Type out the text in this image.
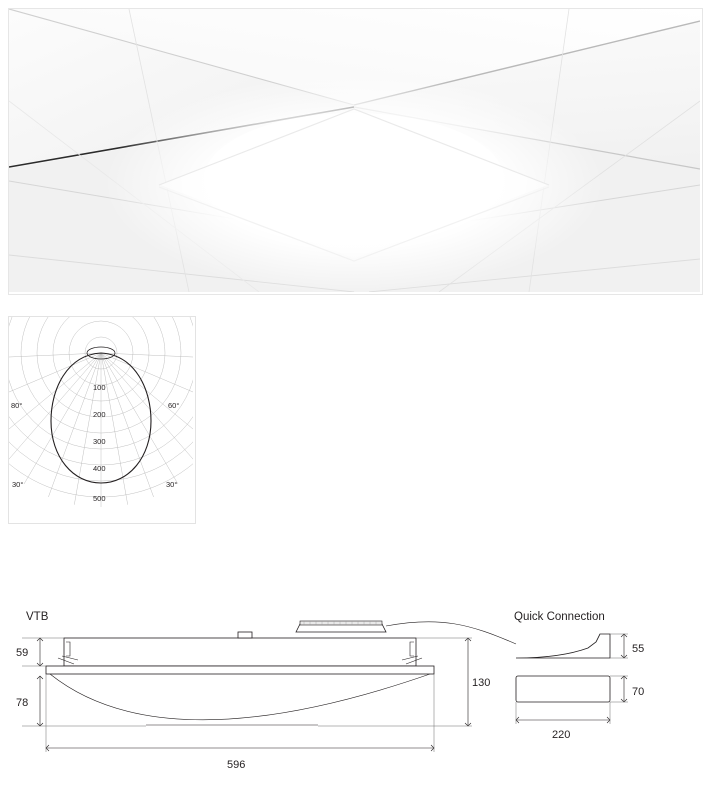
100
200
300
400
500
80°	60°
30°	30°
VTB	Quick Connection
59
78
130
596
55
70
220
